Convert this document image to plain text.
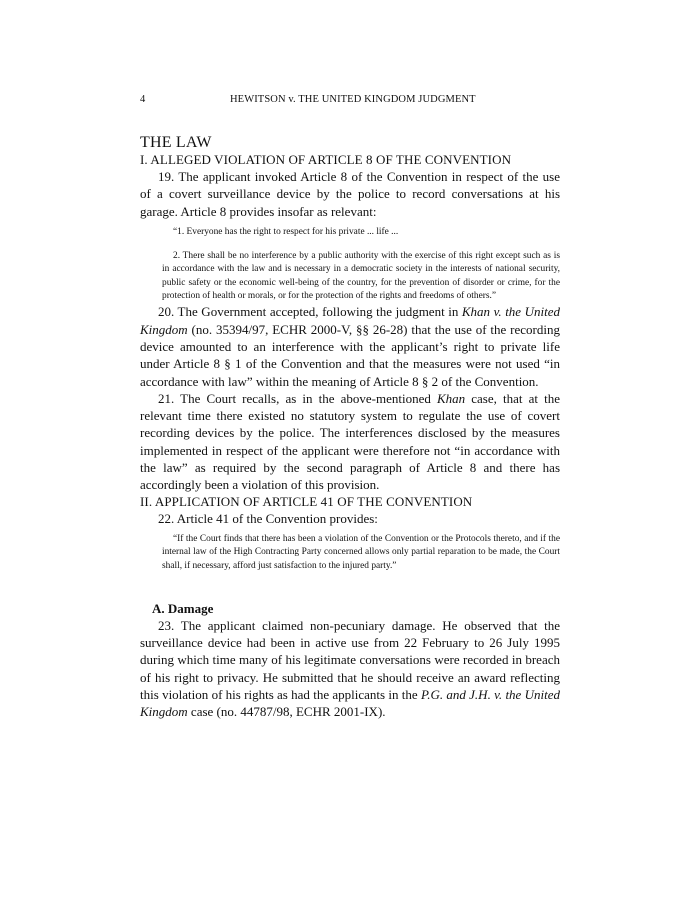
4	HEWITSON v. THE UNITED KINGDOM JUDGMENT
THE LAW
I. ALLEGED VIOLATION OF ARTICLE 8 OF THE CONVENTION

19. The applicant invoked Article 8 of the Convention in respect of the use of a covert surveillance device by the police to record conversations at his garage. Article 8 provides insofar as relevant:

“1. Everyone has the right to respect for his private ... life ...
2. There shall be no interference by a public authority with the exercise of this right except such as is in accordance with the law and is necessary in a democratic society in the interests of national security, public safety or the economic well-being of the country, for the prevention of disorder or crime, for the protection of health or morals, or for the protection of the rights and freedoms of others.”

20. The Government accepted, following the judgment in Khan v. the United Kingdom (no. 35394/97, ECHR 2000-V, §§ 26-28) that the use of the recording device amounted to an interference with the applicant’s right to private life under Article 8 § 1 of the Convention and that the measures were not used “in accordance with law” within the meaning of Article 8 § 2 of the Convention.

21. The Court recalls, as in the above-mentioned Khan case, that at the relevant time there existed no statutory system to regulate the use of covert recording devices by the police. The interferences disclosed by the measures implemented in respect of the applicant were therefore not “in accordance with the law” as required by the second paragraph of Article 8 and there has accordingly been a violation of this provision.

II. APPLICATION OF ARTICLE 41 OF THE CONVENTION

22. Article 41 of the Convention provides:

“If the Court finds that there has been a violation of the Convention or the Protocols thereto, and if the internal law of the High Contracting Party concerned allows only partial reparation to be made, the Court shall, if necessary, afford just satisfaction to the injured party.”
A. Damage

23. The applicant claimed non-pecuniary damage. He observed that the surveillance device had been in active use from 22 February to 26 July 1995 during which time many of his legitimate conversations were recorded in breach of his right to privacy. He submitted that he should receive an award reflecting this violation of his rights as had the applicants in the P.G. and J.H. v. the United Kingdom case (no. 44787/98, ECHR 2001-IX).
